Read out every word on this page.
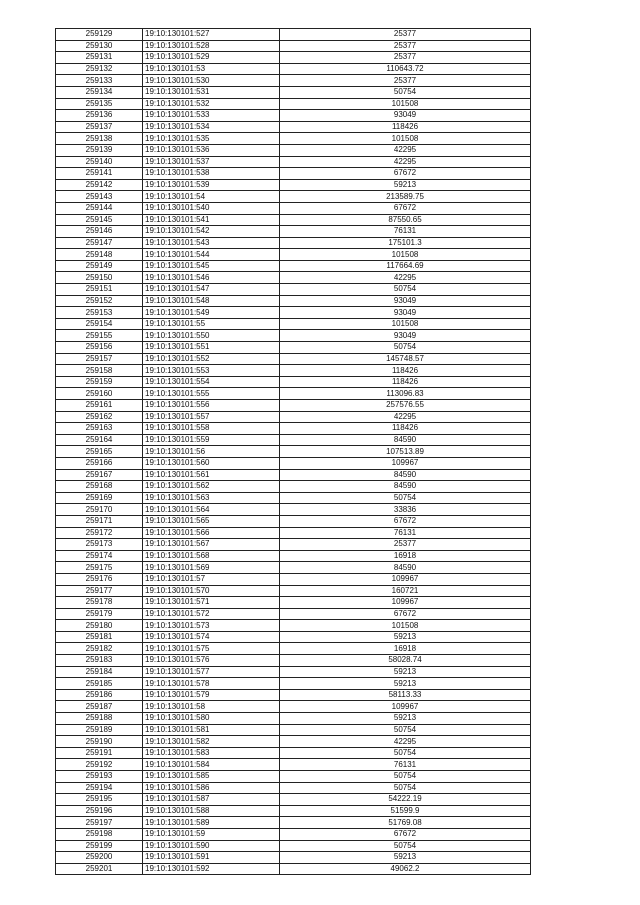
259129	19:10:130101:527	25377
259130	19:10:130101:528	25377
259131	19:10:130101:529	25377
259132	19:10:130101:53	110643.72
259133	19:10:130101:530	25377
259134	19:10:130101:531	50754
259135	19:10:130101:532	101508
259136	19:10:130101:533	93049
259137	19:10:130101:534	118426
259138	19:10:130101:535	101508
259139	19:10:130101:536	42295
259140	19:10:130101:537	42295
259141	19:10:130101:538	67672
259142	19:10:130101:539	59213
259143	19:10:130101:54	213589.75
259144	19:10:130101:540	67672
259145	19:10:130101:541	87550.65
259146	19:10:130101:542	76131
259147	19:10:130101:543	175101.3
259148	19:10:130101:544	101508
259149	19:10:130101:545	117664.69
259150	19:10:130101:546	42295
259151	19:10:130101:547	50754
259152	19:10:130101:548	93049
259153	19:10:130101:549	93049
259154	19:10:130101:55	101508
259155	19:10:130101:550	93049
259156	19:10:130101:551	50754
259157	19:10:130101:552	145748.57
259158	19:10:130101:553	118426
259159	19:10:130101:554	118426
259160	19:10:130101:555	113096.83
259161	19:10:130101:556	257576.55
259162	19:10:130101:557	42295
259163	19:10:130101:558	118426
259164	19:10:130101:559	84590
259165	19:10:130101:56	107513.89
259166	19:10:130101:560	109967
259167	19:10:130101:561	84590
259168	19:10:130101:562	84590
259169	19:10:130101:563	50754
259170	19:10:130101:564	33836
259171	19:10:130101:565	67672
259172	19:10:130101:566	76131
259173	19:10:130101:567	25377
259174	19:10:130101:568	16918
259175	19:10:130101:569	84590
259176	19:10:130101:57	109967
259177	19:10:130101:570	160721
259178	19:10:130101:571	109967
259179	19:10:130101:572	67672
259180	19:10:130101:573	101508
259181	19:10:130101:574	59213
259182	19:10:130101:575	16918
259183	19:10:130101:576	58028.74
259184	19:10:130101:577	59213
259185	19:10:130101:578	59213
259186	19:10:130101:579	58113.33
259187	19:10:130101:58	109967
259188	19:10:130101:580	59213
259189	19:10:130101:581	50754
259190	19:10:130101:582	42295
259191	19:10:130101:583	50754
259192	19:10:130101:584	76131
259193	19:10:130101:585	50754
259194	19:10:130101:586	50754
259195	19:10:130101:587	54222.19
259196	19:10:130101:588	51599.9
259197	19:10:130101:589	51769.08
259198	19:10:130101:59	67672
259199	19:10:130101:590	50754
259200	19:10:130101:591	59213
259201	19:10:130101:592	49062.2
